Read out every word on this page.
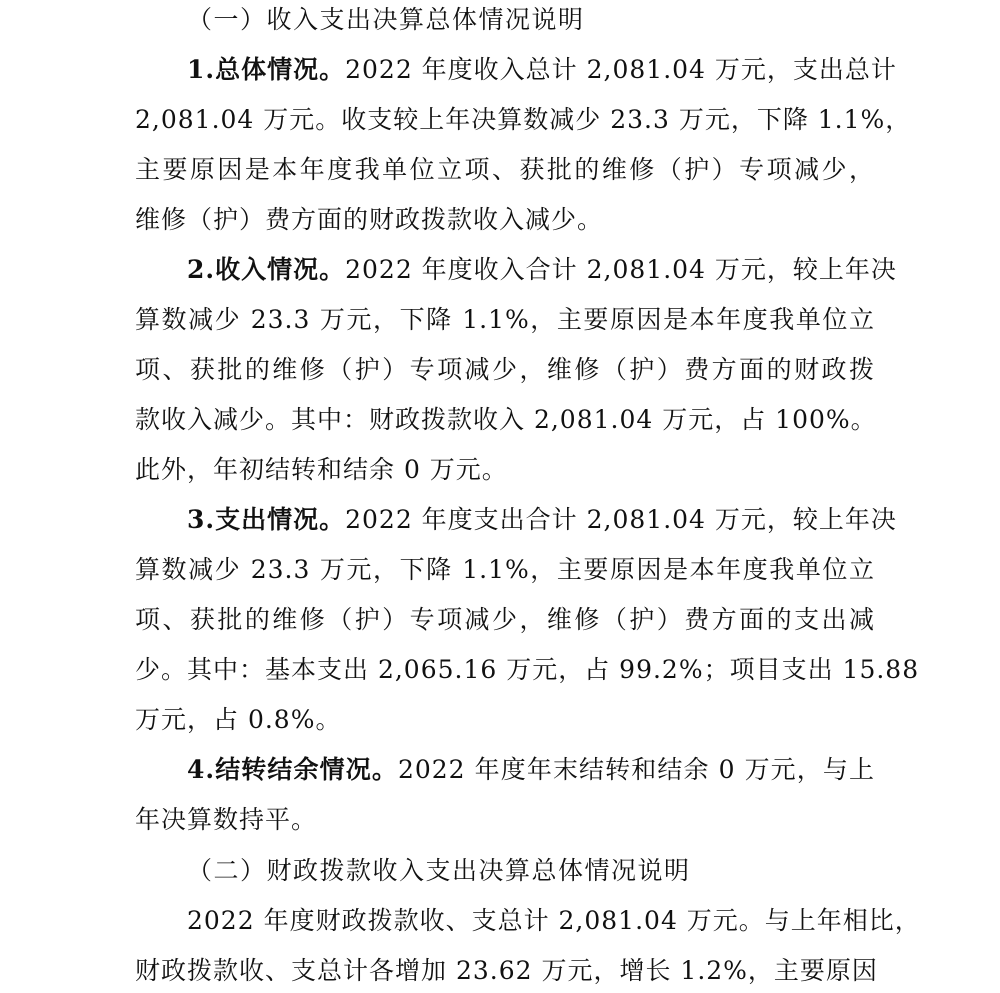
（一）收入支出决算总体情况说明
1.总体情况。2022 年度收入总计 2,081.04 万元，支出总计
2,081.04 万元。收支较上年决算数减少 23.3 万元，下降 1.1%，
主要原因是本年度我单位立项、获批的维修（护）专项减少，
维修（护）费方面的财政拨款收入减少。
2.收入情况。2022 年度收入合计 2,081.04 万元，较上年决
算数减少 23.3 万元，下降 1.1%，主要原因是本年度我单位立
项、获批的维修（护）专项减少，维修（护）费方面的财政拨
款收入减少。其中：财政拨款收入 2,081.04 万元，占 100%。
此外，年初结转和结余 0 万元。
3.支出情况。2022 年度支出合计 2,081.04 万元，较上年决
算数减少 23.3 万元，下降 1.1%，主要原因是本年度我单位立
项、获批的维修（护）专项减少，维修（护）费方面的支出减
少。其中：基本支出 2,065.16 万元，占 99.2%；项目支出 15.88
万元，占 0.8%。
4.结转结余情况。2022 年度年末结转和结余 0 万元，与上
年决算数持平。
（二）财政拨款收入支出决算总体情况说明
2022 年度财政拨款收、支总计 2,081.04 万元。与上年相比，
财政拨款收、支总计各增加 23.62 万元，增长 1.2%，主要原因
